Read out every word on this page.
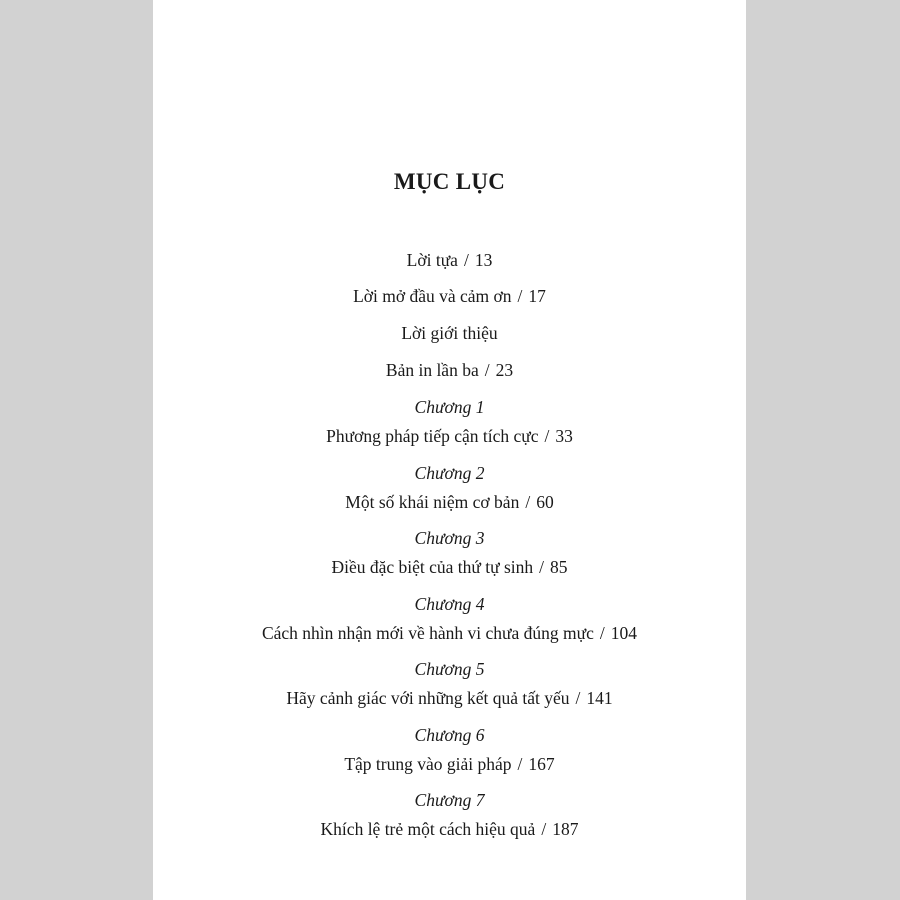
MỤC LỤC
Lời tựa / 13
Lời mở đầu và cảm ơn / 17
Lời giới thiệu
Bản in lần ba / 23
Chương 1
Phương pháp tiếp cận tích cực / 33
Chương 2
Một số khái niệm cơ bản / 60
Chương 3
Điều đặc biệt của thứ tự sinh / 85
Chương 4
Cách nhìn nhận mới về hành vi chưa đúng mực / 104
Chương 5
Hãy cảnh giác với những kết quả tất yếu / 141
Chương 6
Tập trung vào giải pháp / 167
Chương 7
Khích lệ trẻ một cách hiệu quả / 187
